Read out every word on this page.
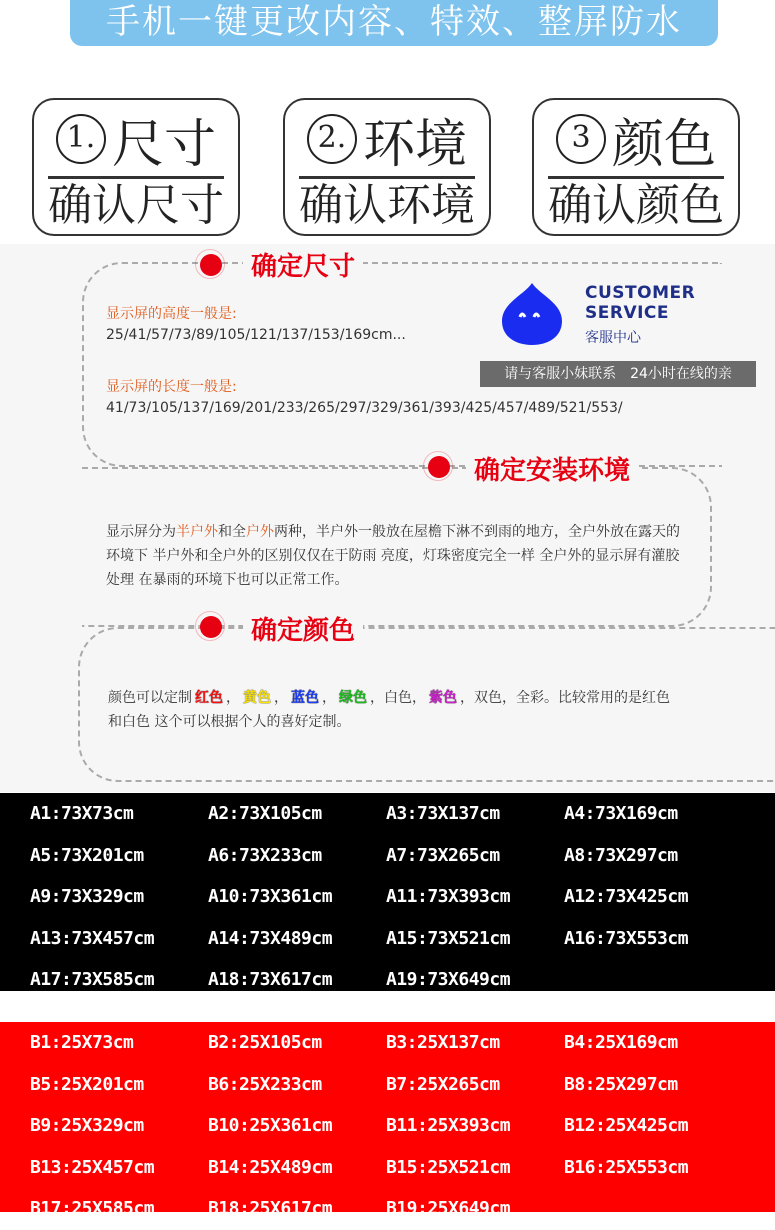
手机一键更改内容、特效、整屏防水
1. 尺寸
确认尺寸
2. 环境
确认环境
3 颜色
确认颜色
确定尺寸
显示屏的高度一般是:
25/41/57/73/89/105/121/137/153/169cm...
显示屏的长度一般是:
41/73/105/137/169/201/233/265/297/329/361/393/425/457/489/521/553/
CUSTOMER SERVICE
客服中心
请与客服小妹联系　24小时在线的亲
确定安装环境
显示屏分为半户外和全户外两种，半户外一般放在屋檐下淋不到雨的地方，全户外放在露天的环境下 半户外和全户外的区别仅仅在于防雨 亮度，灯珠密度完全一样 全户外的显示屏有灌胶处理 在暴雨的环境下也可以正常工作。
确定颜色
颜色可以定制 红色 ， 黄色 ， 蓝色 ， 绿色 ，白色， 紫色 ，双色，全彩。比较常用的是红色和白色 这个可以根据个人的喜好定制。
A1:73X73cm	A2:73X105cm	A3:73X137cm	A4:73X169cm
A5:73X201cm	A6:73X233cm	A7:73X265cm	A8:73X297cm
A9:73X329cm	A10:73X361cm	A11:73X393cm	A12:73X425cm
A13:73X457cm	A14:73X489cm	A15:73X521cm	A16:73X553cm
A17:73X585cm	A18:73X617cm	A19:73X649cm
B1:25X73cm	B2:25X105cm	B3:25X137cm	B4:25X169cm
B5:25X201cm	B6:25X233cm	B7:25X265cm	B8:25X297cm
B9:25X329cm	B10:25X361cm	B11:25X393cm	B12:25X425cm
B13:25X457cm	B14:25X489cm	B15:25X521cm	B16:25X553cm
B17:25X585cm	B18:25X617cm	B19:25X649cm
